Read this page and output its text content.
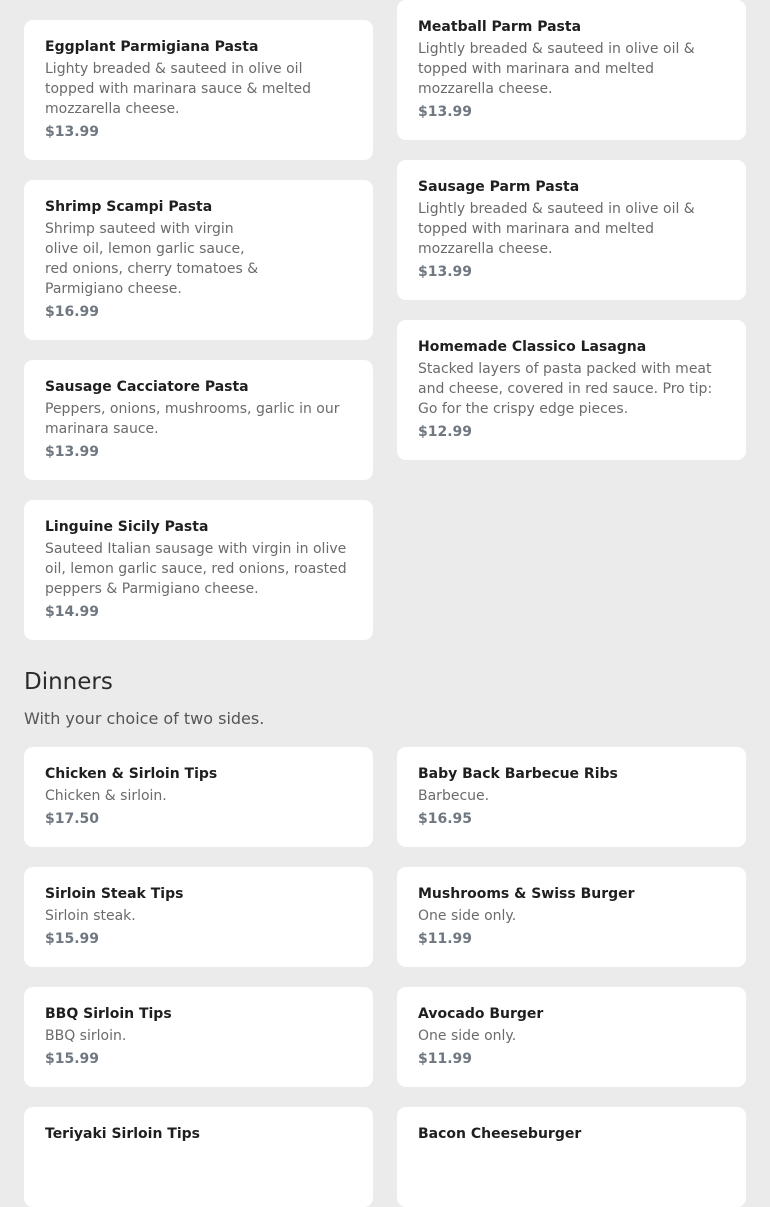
Eggplant Parmigiana Pasta
Lighty breaded & sauteed in olive oil topped with marinara sauce & melted mozzarella cheese.
$13.99
Shrimp Scampi Pasta
Shrimp sauteed with virgin olive oil, lemon garlic sauce, red onions, cherry tomatoes & Parmigiano cheese.
$16.99
Sausage Cacciatore Pasta
Peppers, onions, mushrooms, garlic in our marinara sauce.
$13.99
Linguine Sicily Pasta
Sauteed Italian sausage with virgin in olive oil, lemon garlic sauce, red onions, roasted peppers & Parmigiano cheese.
$14.99
Meatball Parm Pasta
Lightly breaded & sauteed in olive oil & topped with marinara and melted mozzarella cheese.
$13.99
Sausage Parm Pasta
Lightly breaded & sauteed in olive oil & topped with marinara and melted mozzarella cheese.
$13.99
Homemade Classico Lasagna
Stacked layers of pasta packed with meat and cheese, covered in red sauce. Pro tip: Go for the crispy edge pieces.
$12.99
Dinners
With your choice of two sides.
Chicken & Sirloin Tips
Chicken & sirloin.
$17.50
Sirloin Steak Tips
Sirloin steak.
$15.99
BBQ Sirloin Tips
BBQ sirloin.
$15.99
Teriyaki Sirloin Tips
Baby Back Barbecue Ribs
Barbecue.
$16.95
Mushrooms & Swiss Burger
One side only.
$11.99
Avocado Burger
One side only.
$11.99
Bacon Cheeseburger
